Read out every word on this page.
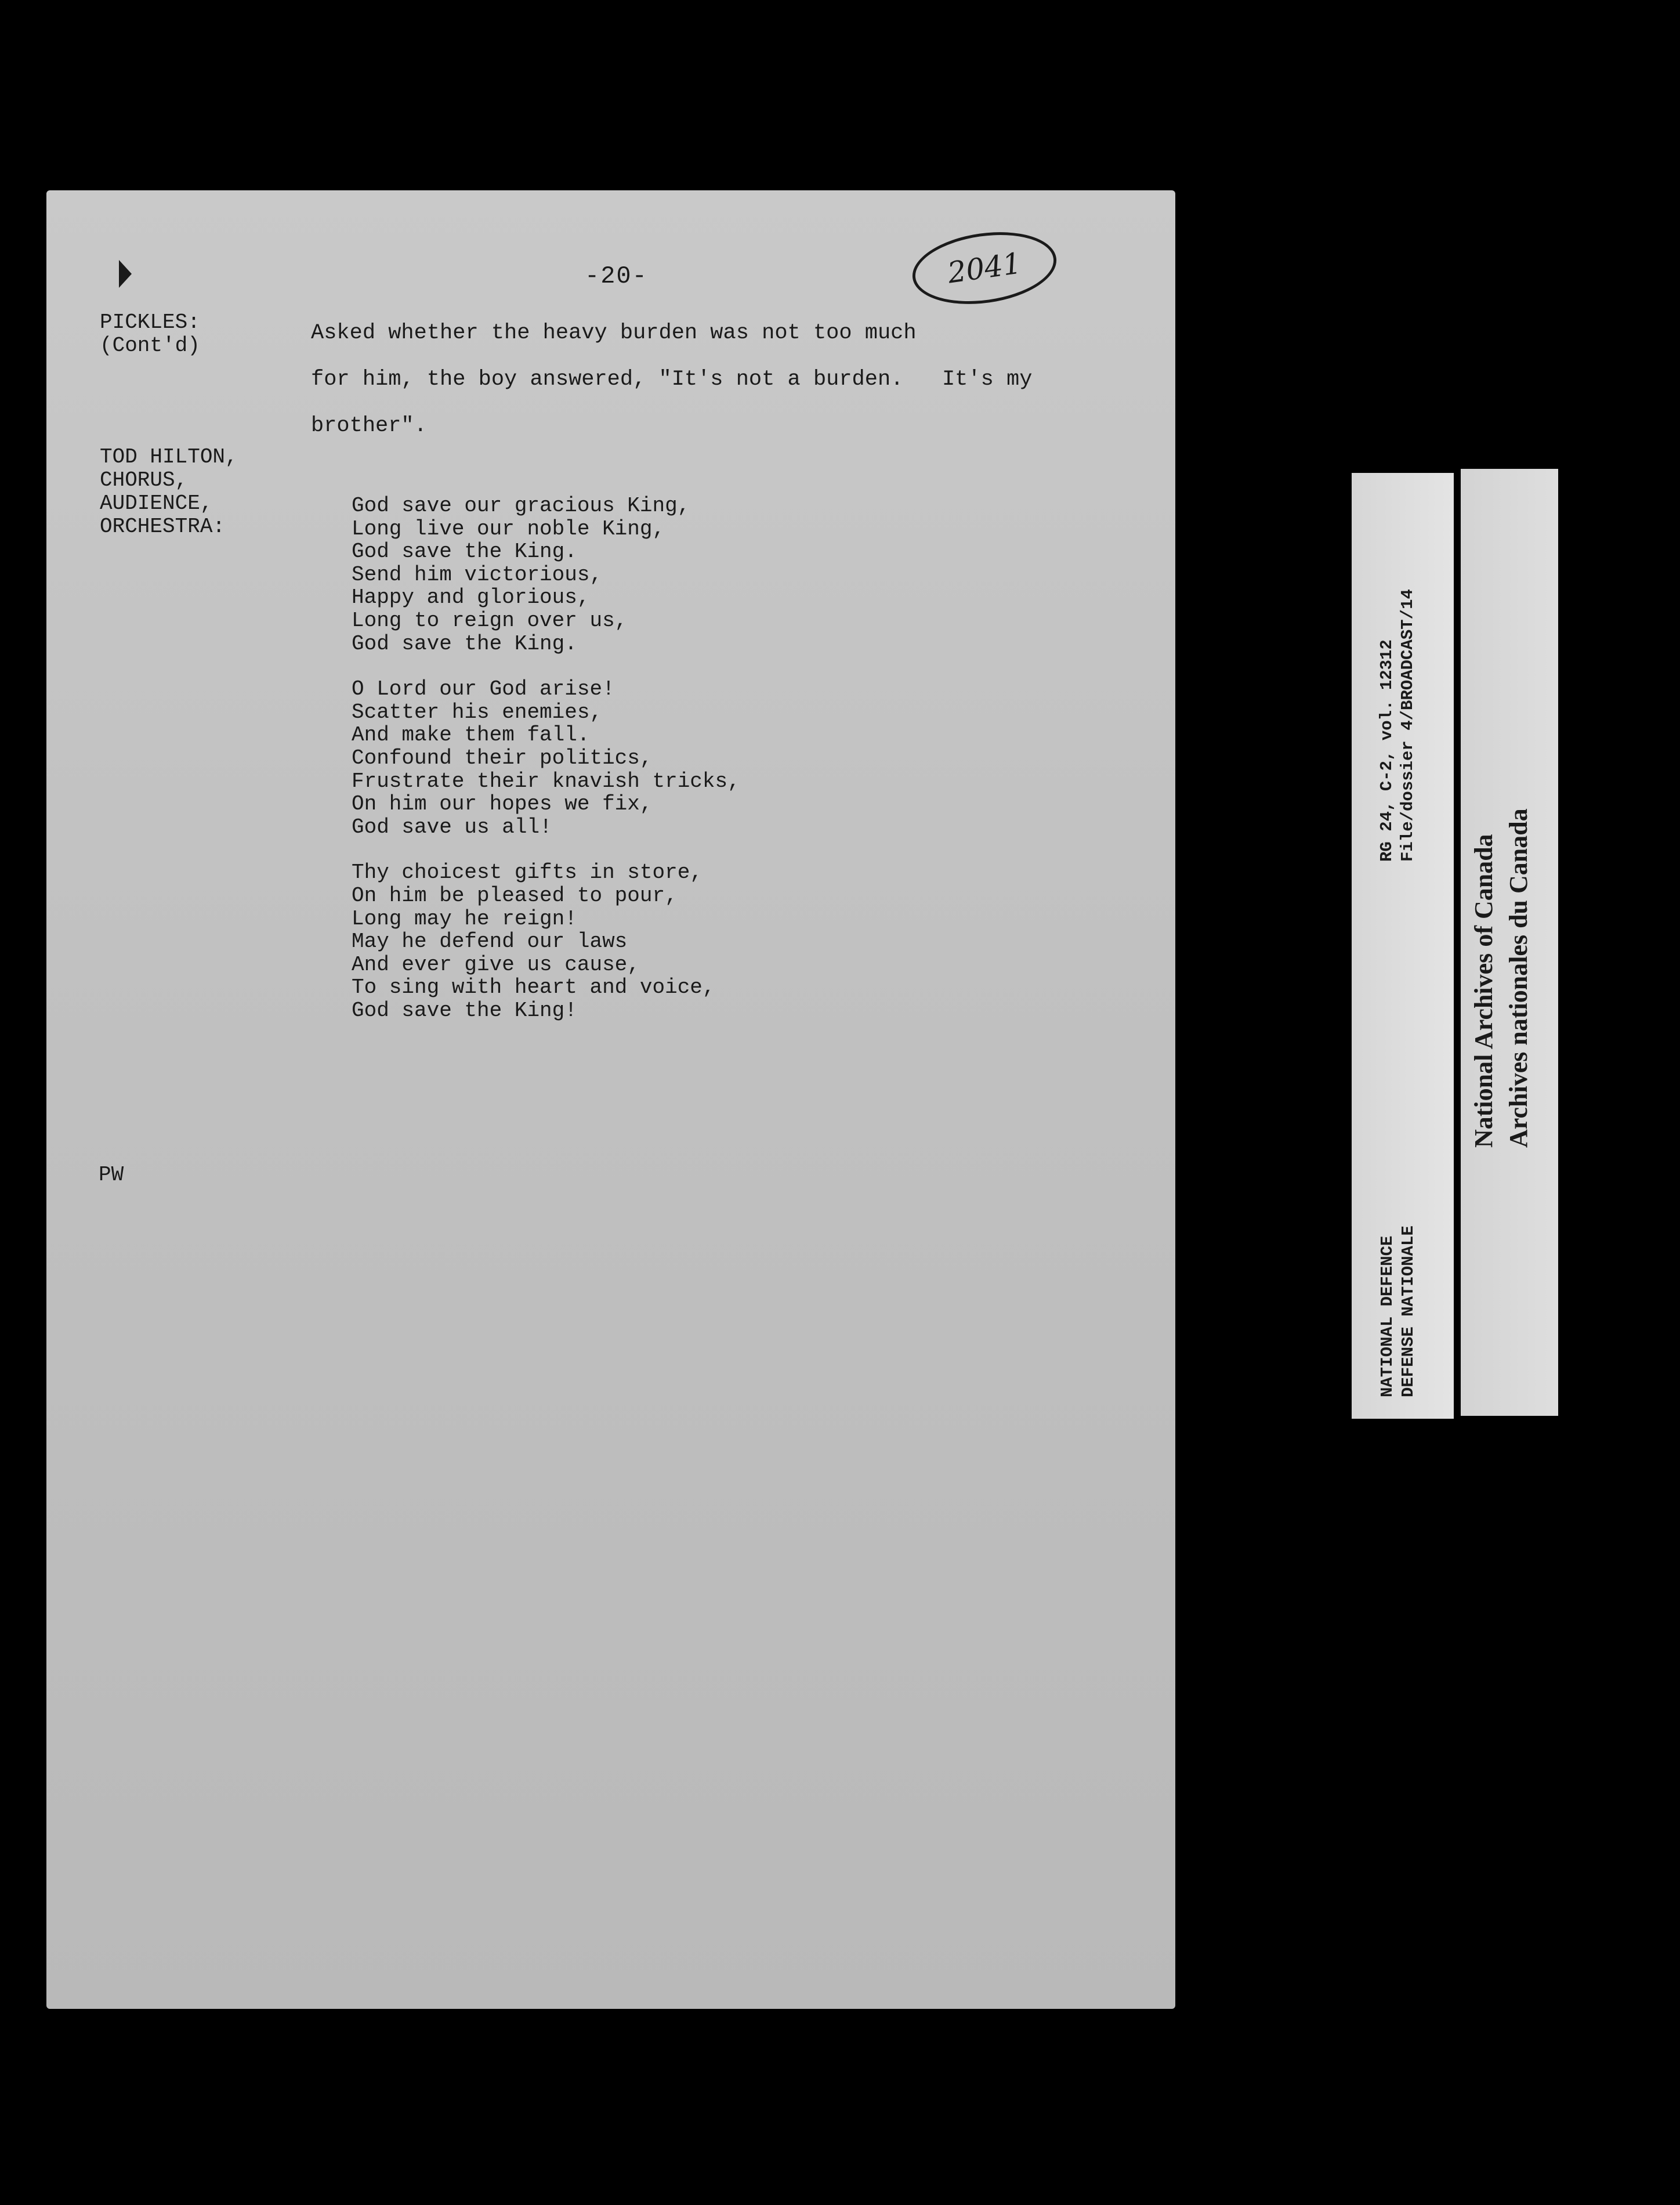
-20-	2041
PICKLES:
(Cont'd)
Asked whether the heavy burden was not too much
for him, the boy answered, "It's not a burden.   It's my
brother".
TOD HILTON,
CHORUS,
AUDIENCE,
ORCHESTRA:
God save our gracious King,
Long live our noble King,
God save the King.
Send him victorious,
Happy and glorious,
Long to reign over us,
God save the King.
O Lord our God arise!
Scatter his enemies,
And make them fall.
Confound their politics,
Frustrate their knavish tricks,
On him our hopes we fix,
God save us all!
Thy choicest gifts in store,
On him be pleased to pour,
Long may he reign!
May he defend our laws
And ever give us cause,
To sing with heart and voice,
God save the King!
PW
RG 24, C-2, vol. 12312 File/dossier 4/BROADCAST/14
NATIONAL DEFENCE DEFENSE NATIONALE
National Archives of Canada Archives nationales du Canada
